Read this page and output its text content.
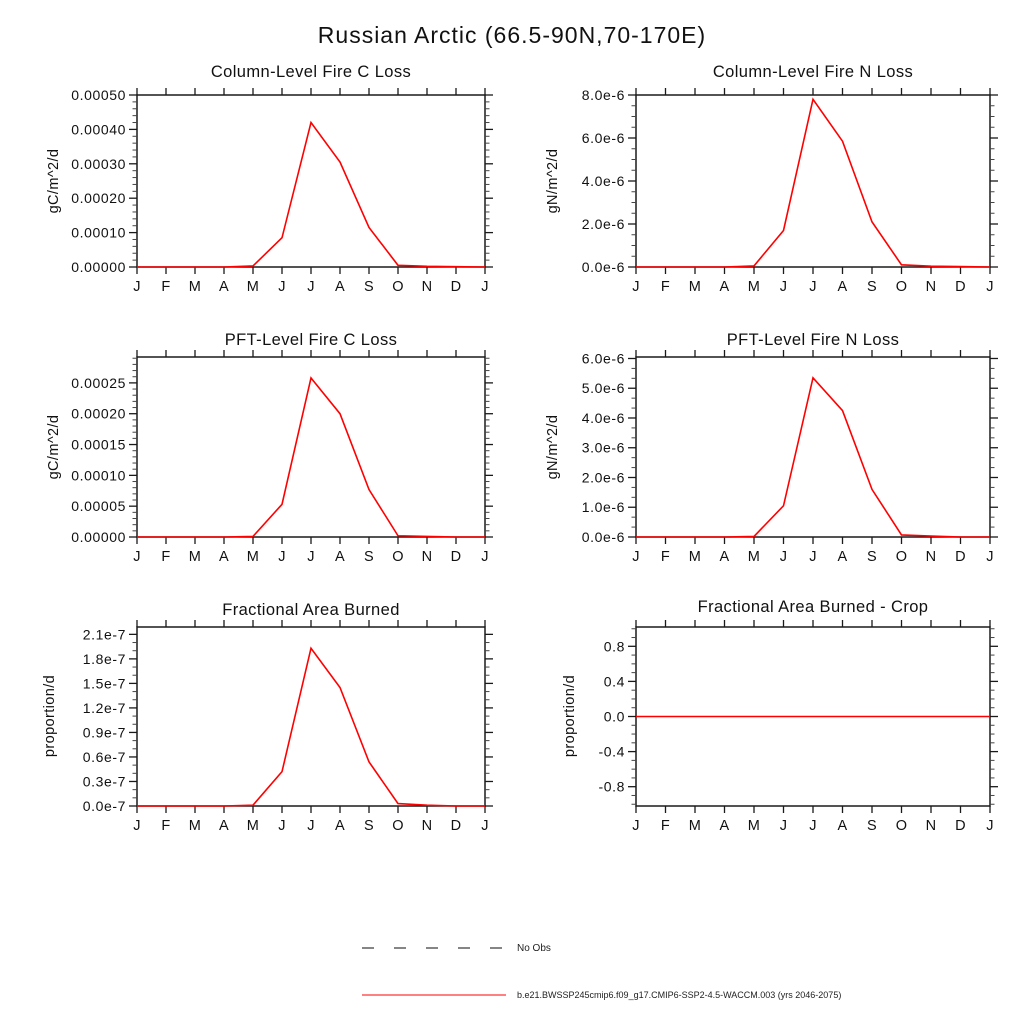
Russian Arctic (66.5-90N,70-170E)
Column-Level Fire C Loss	Column-Level Fire N Loss
PFT-Level Fire C Loss	PFT-Level Fire N Loss
Fractional Area Burned	Fractional Area Burned - Crop
gC/m^2/d	gN/m^2/d
gC/m^2/d	gN/m^2/d
proportion/d	proportion/d
J F M A M J J A S O N D J
0.00000
0.00010
0.00020
0.00030
0.00040
0.00050
J F M A M J J A S O N D J
0.0e-6
2.0e-6
4.0e-6
6.0e-6
8.0e-6
J F M A M J J A S O N D J
0.00000
0.00005
0.00010
0.00015
0.00020
0.00025
J F M A M J J A S O N D J
0.0e-6
1.0e-6
2.0e-6
3.0e-6
4.0e-6
5.0e-6
6.0e-6
J F M A M J J A S O N D J
0.0e-7
0.3e-7
0.6e-7
0.9e-7
1.2e-7
1.5e-7
1.8e-7
2.1e-7
J F M A M J J A S O N D J
-0.8
-0.4
0.0
0.4
0.8
No Obs
b.e21.BWSSP245cmip6.f09_g17.CMIP6-SSP2-4.5-WACCM.003 (yrs 2046-2075)
